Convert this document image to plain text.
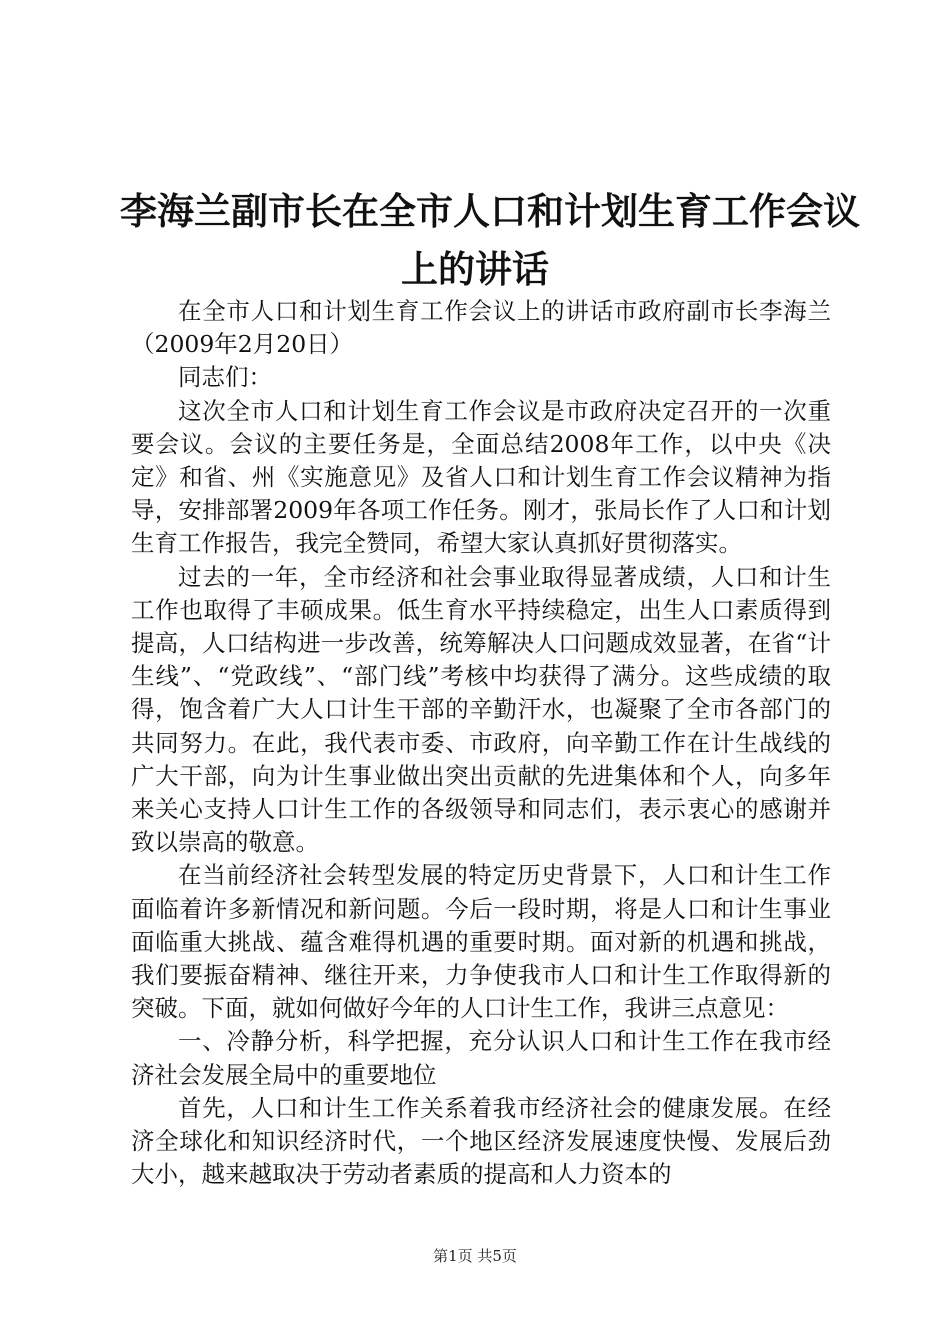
李海兰副市长在全市人口和计划生育工作会议
上的讲话

在全市人口和计划生育工作会议上的讲话市政府副市长李海兰（2009年2月20日）

同志们：

这次全市人口和计划生育工作会议是市政府决定召开的一次重要会议。会议的主要任务是，全面总结2008年工作，以中央《决定》和省、州《实施意见》及省人口和计划生育工作会议精神为指导，安排部署2009年各项工作任务。刚才，张局长作了人口和计划生育工作报告，我完全赞同，希望大家认真抓好贯彻落实。

过去的一年，全市经济和社会事业取得显著成绩，人口和计生工作也取得了丰硕成果。低生育水平持续稳定，出生人口素质得到提高，人口结构进一步改善，统筹解决人口问题成效显著，在省“计生线”、“党政线”、“部门线”考核中均获得了满分。这些成绩的取得，饱含着广大人口计生干部的辛勤汗水，也凝聚了全市各部门的共同努力。在此，我代表市委、市政府，向辛勤工作在计生战线的广大干部，向为计生事业做出突出贡献的先进集体和个人，向多年来关心支持人口计生工作的各级领导和同志们，表示衷心的感谢并致以崇高的敬意。

在当前经济社会转型发展的特定历史背景下，人口和计生工作面临着许多新情况和新问题。今后一段时期，将是人口和计生事业面临重大挑战、蕴含难得机遇的重要时期。面对新的机遇和挑战，我们要振奋精神、继往开来，力争使我市人口和计生工作取得新的突破。下面，就如何做好今年的人口计生工作，我讲三点意见：

一、冷静分析，科学把握，充分认识人口和计生工作在我市经济社会发展全局中的重要地位

首先，人口和计生工作关系着我市经济社会的健康发展。在经济全球化和知识经济时代，一个地区经济发展速度快慢、发展后劲大小，越来越取决于劳动者素质的提高和人力资本的

第1页 共5页
